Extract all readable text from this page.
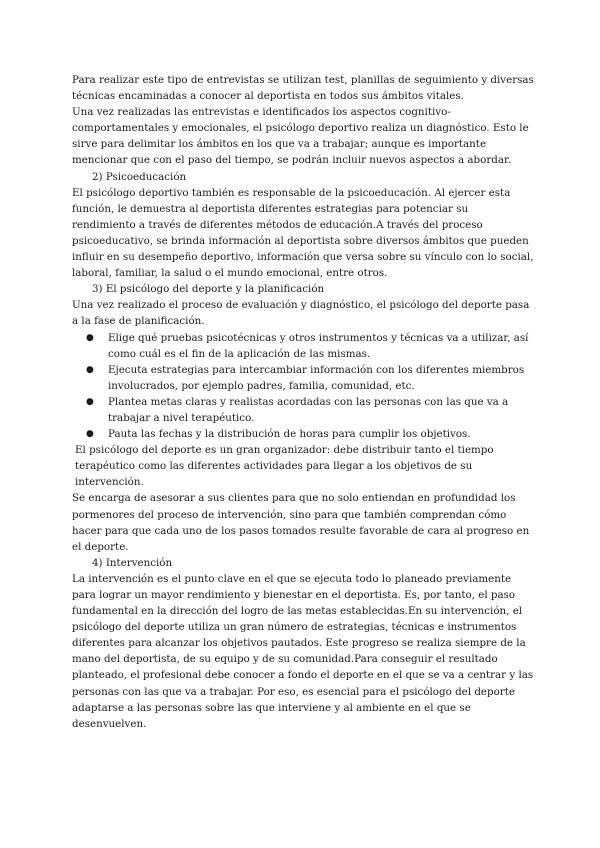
Para realizar este tipo de entrevistas se utilizan test, planillas de seguimiento y diversas técnicas encaminadas a conocer al deportista en todos sus ámbitos vitales.

Una vez realizadas las entrevistas e identificados los aspectos cognitivo-comportamentales y emocionales, el psicólogo deportivo realiza un diagnóstico. Esto le sirve para delimitar los ámbitos en los que va a trabajar; aunque es importante mencionar que con el paso del tiempo, se podrán incluir nuevos aspectos a abordar.

2) Psicoeducación

El psicólogo deportivo también es responsable de la psicoeducación. Al ejercer esta función, le demuestra al deportista diferentes estrategias para potenciar su rendimiento a través de diferentes métodos de educación.A través del proceso psicoeducativo, se brinda información al deportista sobre diversos ámbitos que pueden influir en su desempeño deportivo, información que versa sobre su vínculo con lo social, laboral, familiar, la salud o el mundo emocional, entre otros.

3) El psicólogo del deporte y la planificación

Una vez realizado el proceso de evaluación y diagnóstico, el psicólogo del deporte pasa a la fase de planificación.

● Elige qué pruebas psicotécnicas y otros instrumentos y técnicas va a utilizar, así como cuál es el fin de la aplicación de las mismas.
● Ejecuta estrategias para intercambiar información con los diferentes miembros involucrados, por ejemplo padres, familia, comunidad, etc.
● Plantea metas claras y realistas acordadas con las personas con las que va a trabajar a nivel terapéutico.
● Pauta las fechas y la distribución de horas para cumplir los objetivos.

El psicólogo del deporte es un gran organizador: debe distribuir tanto el tiempo terapéutico como las diferentes actividades para llegar a los objetivos de su intervención.

Se encarga de asesorar a sus clientes para que no solo entiendan en profundidad los pormenores del proceso de intervención, sino para que también comprendan cómo hacer para que cada uno de los pasos tomados resulte favorable de cara al progreso en el deporte.

4) Intervención

La intervención es el punto clave en el que se ejecuta todo lo planeado previamente para lograr un mayor rendimiento y bienestar en el deportista. Es, por tanto, el paso fundamental en la dirección del logro de las metas establecidas.En su intervención, el psicólogo del deporte utiliza un gran número de estrategias, técnicas e instrumentos diferentes para alcanzar los objetivos pautados. Este progreso se realiza siempre de la mano del deportista, de su equipo y de su comunidad.Para conseguir el resultado planteado, el profesional debe conocer a fondo el deporte en el que se va a centrar y las personas con las que va a trabajar. Por eso, es esencial para el psicólogo del deporte adaptarse a las personas sobre las que interviene y al ambiente en el que se desenvuelven.
